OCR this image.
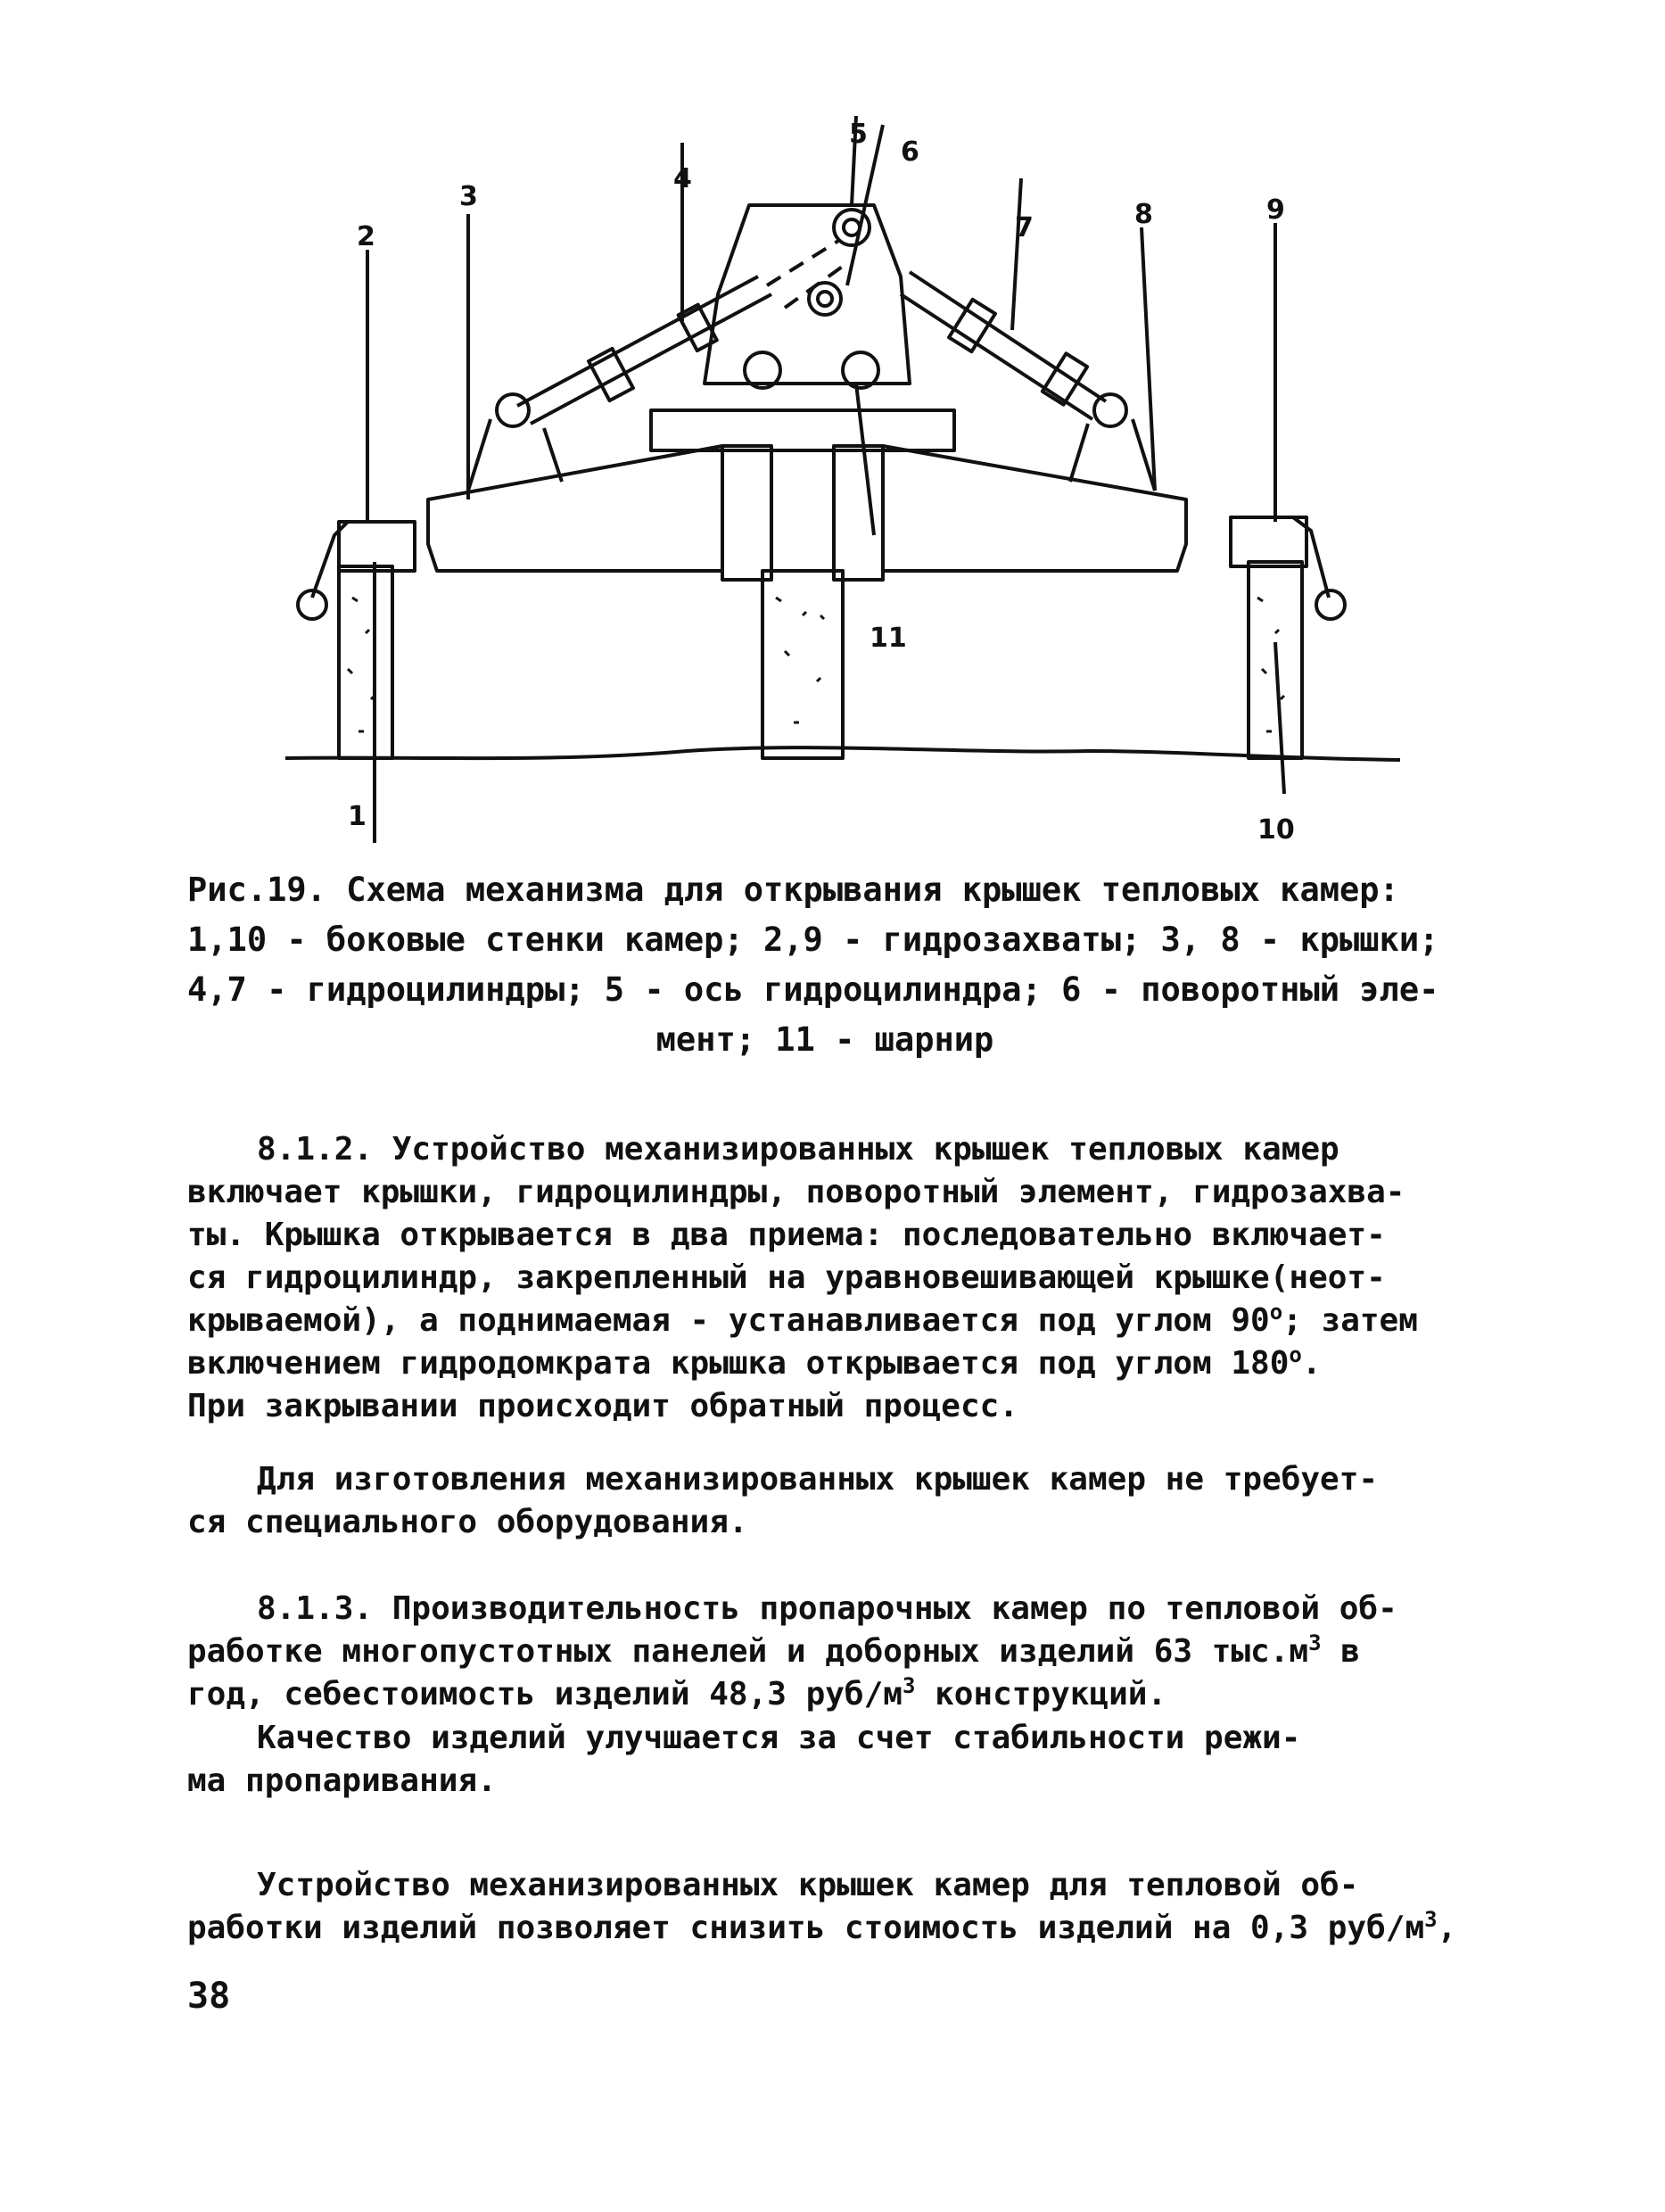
1
2
3
4
5
6
7	8	9
10
11
Рис.19. Схема механизма для открывания крышек тепловых камер:
1,10 - боковые стенки камер; 2,9 - гидрозахваты; 3, 8 - крышки;
4,7 - гидроцилиндры; 5 - ось гидроцилиндра; 6 - поворотный эле-
мент; 11 - шарнир
8.1.2. Устройство механизированных крышек тепловых камер
включает крышки, гидроцилиндры, поворотный элемент, гидрозахва-
ты. Крышка открывается в два приема: последовательно включает-
ся гидроцилиндр, закрепленный на уравновешивающей крышке(неот-
крываемой), а поднимаемая - устанавливается под углом $90^о$; затем
включением гидродомкрата крышка открывается под углом $180^о$.
При закрывании происходит обратный процесс.
Для изготовления механизированных крышек камер не требует-
ся специального оборудования.
8.1.3. Производительность пропарочных камер по тепловой об-
работке многопустотных панелей и доборных изделий 63 $тыс.м^3$ в
год, себестоимость изделий 48,3 руб/$м^3$ конструкций.
Качество изделий улучшается за счет стабильности режи-
ма пропаривания.
Устройство механизированных крышек камер для тепловой об-
работки изделий позволяет снизить стоимость изделий на 0,3 руб/$м^3$,
38
